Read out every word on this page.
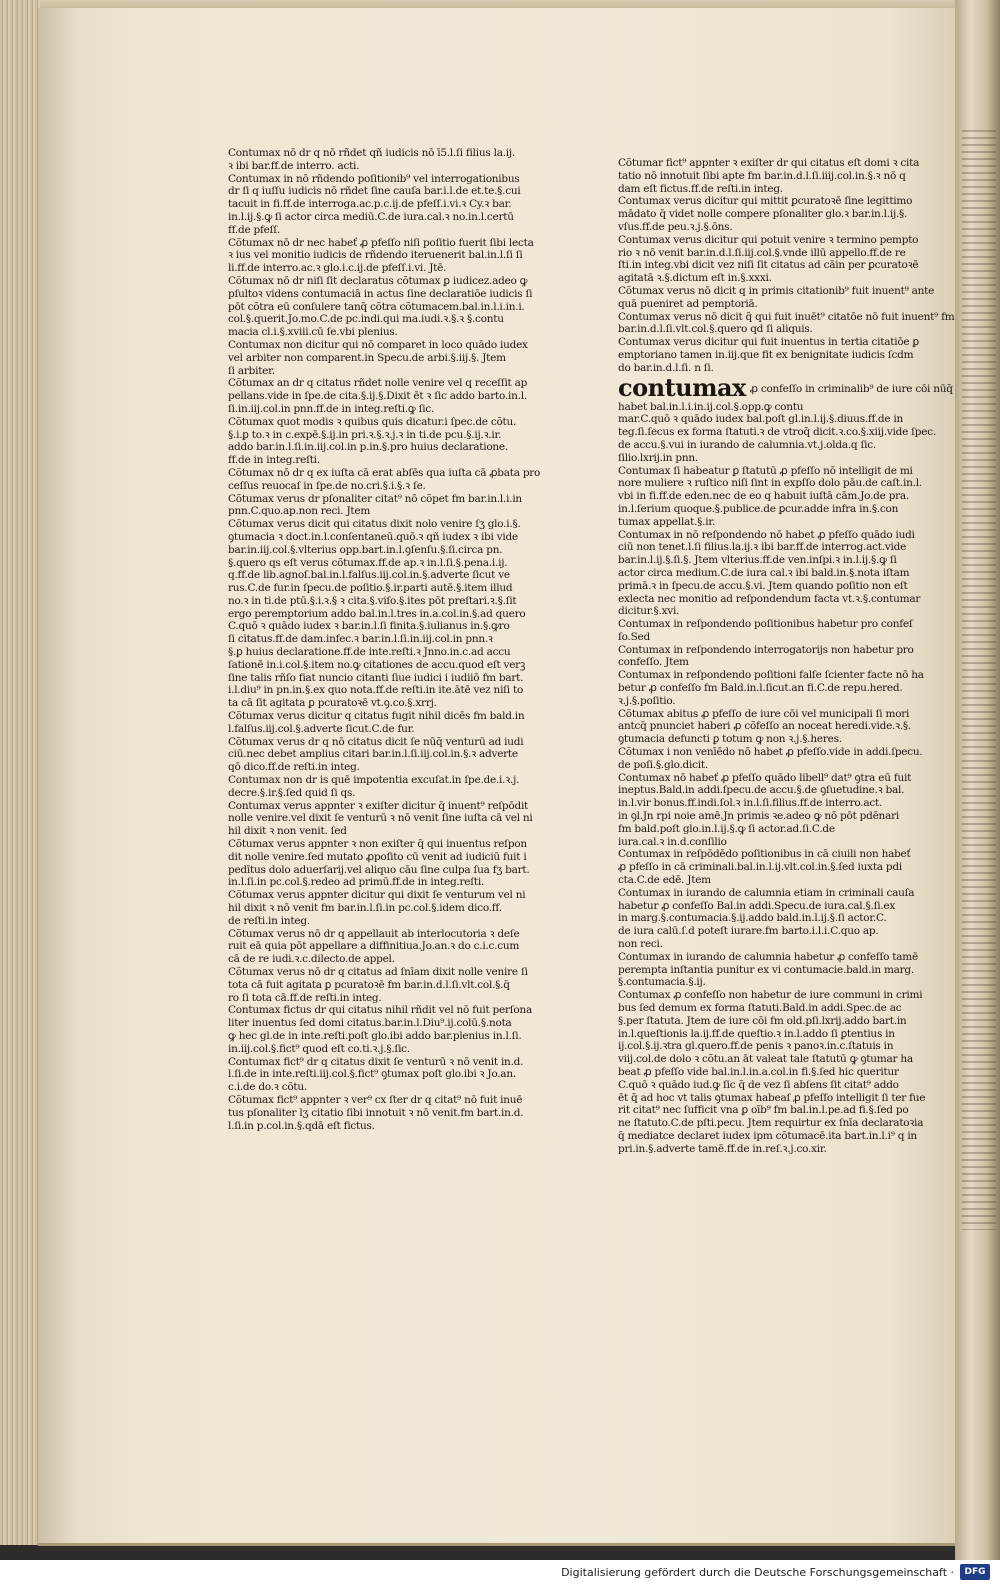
Contumax nō dr q nō rñdet qñ iudicis nō ī5.l.ſi filius la.ij.
ꝛ ibi bar.ff.de interro. acti.
Contumax in nō rñdendo poſitionib⁹ vel interrogationibus
dr ſi q iuſſu iudicis nō rñdet ſine cauſa bar.i.l.de et.te.§.cui
tacuit in fi.ff.de interroga.ac.p.c.ij.de pfeſſ.i.vi.ꝛ Cy.ꝛ bar.
in.l.ij.§.ꝙ ſi actor circa mediū.C.de iura.cal.ꝛ no.in.l.certū
ff.de pfeſſ.
Cõtumax nō dr nec habeť ꝓ pfeſſo niſi poſitio fuerit ſibi lecta
ꝛ ius vel monitio iudicis de rñdendo iteruenerit bal.in.l.ſi ſi
li.ff.de interro.ac.ꝛ glo.i.c.ij.de pfeſſ.i.vi. Jtē.
Cõtumax nō dr niſi ſit declaratus cõtumax ꝑ iudicez.adeo ꝙ
pſultoꝛ videns contumaciā in actus ſine declaratiōe iudicis ſi
pōt cõtra eū conſulere tanq̄ cõtra cõtumacem.bal.in.l.i.in.i.
col.§.querit.Jo.mo.C.de pc.indi.qui ma.iudi.ꝛ.§.ꝛ §.contu
macia cl.i.§.xviii.cū ſe.vbi plenius.
Contumax non dicitur qui nō comparet in loco quādo iudex
vel arbiter non comparent.in Specu.de arbi.§.iij.§. Jtem
ſi arbiter.
Cõtumax an dr q citatus rñdet nolle venire vel q receſſit ap
pellans.vide in ſpe.de cita.§.ij.§.Dixit ēt ꝛ ſic addo barto.in.l.
ſi.in.iij.col.in pnn.ff.de in integ.reſti.ꝙ ſic.
Cõtumax quot modis ꝛ quibus quis dicatur.i ſpec.de cõtu.
§.i.ꝑ to.ꝛ in c.expē.§.ij.in pri.ꝛ.§.ꝛ.j.ꝛ in ti.de pcu.§.ij.ꝛ.ir.
addo bar.in.l.ſi.in.iij.col.in p.in.§.pro huius declaratione.
ff.de in integ.reſti.
Cõtumax nō dr q ex iuſta cā erat abſēs qua iuſta cā ꝓbata pro
ceſſus reuocaſ in ſpe.de no.cri.§.i.§.ꝛ ſe.
Cõtumax verus dr pſonaliter citat⁹ nō cõpet fm bar.in.l.i.in
pnn.C.quo.ap.non reci. Jtem
Cõtumax verus dicit qui citatus dixit nolo venire ſʒ glo.i.§.
ꝯtumacia ꝛ doct.in.l.conſentaneū.quō.ꝛ qñ iudex ꝛ ibi vide
bar.in.iij.col.§.vlterius opp.bart.in.l.ꝯſenſu.§.ſi.circa pn.
§.quero qs eſt verus cõtumax.ff.de ap.ꝛ in.l.ſi.§.pena.i.ij.
q.ff.de lib.agnoſ.bal.in.l.falſus.iij.col.in.§.adverte ſicut ve
rus.C.de fur.in ſpecu.de poſitio.§.ir.parti autē.§.item illud
no.ꝛ in ti.de ptū.§.i.ꝛ.§ ꝛ cita.§.viſo.§.ites pōt preſtari.ꝛ.§.ſit
ergo peremptorium addo bal.in.l.tres in.a.col.in.§.ad quero
C.quō ꝛ quādo iudex ꝛ bar.in.l.ſi finita.§.iulianus in.§.ꝙro
ſi citatus.ff.de dam.infec.ꝛ bar.in.l.ſi.in.iij.col.in pnn.ꝛ
§.ꝑ huius declaratione.ff.de inte.reſti.ꝛ Jnno.in.c.ad accu
ſationē in.i.col.§.item no.ꝙ citationes de accu.quod eſt verꝫ
ſine talis rñſo fiat nuncio citanti ſiue iudici i iudiiō fm bart.
i.l.diu⁹ in pn.in.§.ex quo nota.ff.de reſti.in ite.ātē vez niſi to
ta cā ſit agitata ꝑ pcuratoꝛē vt.ꝯ.co.§.xrrj.
Cõtumax verus dicitur q citatus fugit nihil dicēs fm bald.in
l.falſus.iij.col.§.adverte ſicut.C.de fur.
Cõtumax verus dr q nō citatus dicit ſe nūq̄ venturū ad iudi
ciū.nec debet amplius citari bar.in.l.ſi.iij.col.in.§.ꝛ adverte
qō dico.ff.de reſti.in integ.
Contumax non dr is quē impotentia excuſat.in ſpe.de.i.ꝛ.j.
decre.§.ir.§.ſed quid ſi qs.
Contumax verus appnter ꝛ exiſter dicitur q̄ inuent⁹ reſpōdit
nolle venire.vel dixit ſe venturū ꝛ nō venit ſine iuſta cā vel ni
hil dixit ꝛ non venit. ſed
Cõtumax verus appnter ꝛ non exiſter q̄ qui inuentus reſpon
dit nolle venire.ſed mutato ꝓpoſito cū venit ad iudiciū fuit i
pedītus dolo aduerſarij.vel aliquo cāu ſine culpa ſua fʒ bart.
in.l.ſi.in pc.col.§.redeo ad primū.ff.de in integ.reſti.
Cõtumax verus appnter dicitur qui dixit ſe venturum vel ni
hil dixit ꝛ nō venit fm bar.in.l.ſi.in pc.col.§.idem dico.ff.
de reſti.in integ.
Cõtumax verus nō dr q appellauit ab interlocutoria ꝛ deſe
ruit eā quia pōt appellare a diffinitiua.Jo.an.ꝛ do c.i.c.cum
cā de re iudi.ꝛ.c.dilecto.de appel.
Cõtumax verus nō dr q citatus ad ſnīam dixit nolle venire ſi
tota cā fuit agitata ꝑ pcuratoꝛē fm bar.in.d.l.ſi.vlt.col.§.q̄
ro ſi tota cā.ff.de reſti.in integ.
Contumax fictus dr qui citatus nihil rñdit vel nō fuit perſona
liter inuentus ſed domi citatus.bar.in.l.Diu⁹.ij.colū.§.nota
ꝙ hec gl.de in inte.reſti.poſt glo.ibi addo bar.plenius in.l.ſi.
in.iij.col.§.fict⁹ quod eſt co.ti.ꝛ.j.§.ſic.
Contumax fict⁹ dr q citatus dixit ſe venturū ꝛ nō venit in.d.
l.ſi.de in inte.reſti.iij.col.§.fict⁹ ꝯtumax poſt glo.ibi ꝛ Jo.an.
c.i.de do.ꝛ cõtu.
Cõtumax fict⁹ appnter ꝛ ver⁹ cx ſter dr q citat⁹ nō fuit inuē
tus pſonaliter lʒ citatio ſibi innotuit ꝛ nō venit.fm bart.in.d.
l.ſi.in p.col.in.§.qdā eſt fictus.
Cõtumar fict⁹ appnter ꝛ exiſter dr qui citatus eſt domi ꝛ cita
tatio nō innotuit ſibi apte fm bar.in.d.l.ſi.iiij.col.in.§.ꝛ nō q
dam eſt fictus.ff.de reſti.in integ.
Contumax verus dicitur qui mittit ꝑcuratoꝛē ſine legittimo
mādato q̄ videt nolle compere pſonaliter glo.ꝛ bar.in.l.ij.§.
vſus.ff.de peu.ꝛ.j.§.ōns.
Contumax verus dicitur qui potuit venire ꝛ termino pempto
rio ꝛ nō venit bar.in.d.l.ſi.iij.col.§.vnde illū appello.ff.de re
ſti.in integ.vbi dicit vez niſi ſit citatus ad cāin per ꝑcuratoꝛē
agitatā ꝛ.§.dictum eſt in.§.xxxi.
Cõtumax verus nō dicit q in primis citationib⁹ fuit inuent⁹ ante
quā pueniret ad pemptoriā.
Contumax verus nō dicit q̄ qui fuit inuēt⁹ citatōe nō fuit inuent⁹ fm
bar.in.d.l.ſi.vlt.col.§.quero qd ſi aliquis.
Contumax verus dicitur qui fuit inuentus in tertia citatiōe ꝑ
emptoriano tamen in.iij.que fit ex benignitate iudicis ſcdm
do bar.in.d.l.ſi. n ſi.
contumax ꝓ confeſſo in criminalib⁹ de iure cōi nūq̄
habet bal.in.l.i.in.ij.col.§.opp.ꝙ contu
mar.C.quō ꝛ quādo iudex bal.poſt gl.in.l.ij.§.diuus.ff.de in
teg.ſi.ſecus ex forma ſtatuti.ꝛ de vtroq̄ dicit.ꝛ.co.§.xiij.vide ſpec.
de accu.§.vui in iurando de calumnia.vt.j.olda.q ſic.
ſilio.lxrij.in pnn.
Contumax ſi habeatur ꝑ ſtatutū ꝓ pfeſſo nō intelligit de mi
nore muliere ꝛ ruſtico niſi ſint in expſſo dolo pāu.de caſt.in.l.
vbi in fi.ff.de eden.nec de eo q habuit iuſtā cām.Jo.de pra.
in.l.ſerium quoque.§.publice.de ꝑcur.adde infra in.§.con
tumax appellat.§.ir.
Contumax in nō reſpondendo nō habet ꝓ pfeſſo quādo iudi
ciū non tenet.l.ſi filius.la.ij.ꝛ ibi bar.ff.de interrog.act.vide
bar.in.l.ij.§.ſi.§. Jtem vlterius.ff.de ven.inſpi.ꝛ in.l.ij.§.ꝙ ſi
actor circa medium.C.de iura cal.ꝛ ibi bald.in.§.nota iſtam
primā.ꝛ in ſpecu.de accu.§.vi. Jtem quando poſitio non eſt
exlecta nec monitio ad reſpondendum facta vt.ꝛ.§.contumar
dicitur.§.xvi.
Contumax in reſpondendo poſitionibus habetur pro confeſ
ſo.Sed
Contumax in reſpondendo interrogatorijs non habetur pro
confeſſo. Jtem
Contumax in reſpondendo poſitioni falſe ſcienter facte nō ha
betur ꝓ confeſſo fm Bald.in.l.ſicut.an fi.C.de repu.hered.
ꝛ.j.§.poſitio.
Cõtumax abitus ꝓ pfeſſo de iure cōi vel municipali ſi mori
antcq̄ pnunciet haberi ꝓ cõfeſſo an noceat heredi.vide.ꝛ.§.
ꝯtumacia defuncti ꝑ totum ꝙ non ꝛ.j.§.heres.
Cõtumax i non venīēdo nō habet ꝓ pfeſſo.vide in addi.ſpecu.
de poſi.§.glo.dicit.
Contumax nō habeť ꝓ pfeſſo quādo libell⁹ dat⁹ ꝯtra eū fuit
ineptus.Bald.in addi.ſpecu.de accu.§.de ꝯſuetudine.ꝛ bal.
in.l.vir bonus.ff.indi.ſol.ꝛ in.l.ſi.filius.ff.de interro.act.
in ꝯl.Jn rpi noie amē.Jn primis ꝛe.adeo ꝙ nō pōt pdēnari
fm bald.poſt glo.in.l.ij.§.ꝙ ſi actor.ad.ſi.C.de
iura.cal.ꝛ in.d.conſilio
Contumax in reſpōdēdo poſitionibus in cā ciuili non habeť
ꝓ pfeſſo in cā criminali.bal.in.l.ij.vlt.col.in.§.ſed iuxta pdi
cta.C.de edē. Jtem
Contumax in iurando de calumnia etiam in criminali cauſa
habetur ꝓ confeſſo Bal.in addi.Specu.de iura.cal.§.ſi.ex
in marg.§.contumacia.§.ij.addo bald.in.l.ij.§.ſi actor.C.
de iura calū.ſ.d poteſt iurare.fm barto.i.l.i.C.quo ap.
non reci.
Contumax in iurando de calumnia habetur ꝓ confeſſo tamē
perempta inſtantia punitur ex vi contumacie.bald.in marg.
§.contumacia.§.ij.
Contumax ꝓ confeſſo non habetur de iure communi in crimi
bus ſed demum ex forma ſtatuti.Bald.in addi.Spec.de ac
§.per ſtatuta. Jtem de iure cōi fm old.pſi.lxrij.addo bart.in
in.l.queſtionis la.ij.ff.de queſtio.ꝛ in.l.addo ſi ꝑtentius in
ij.col.§.ij.ꝛtra gl.quero.ff.de penis ꝛ panoꝛ.in.c.ſtatuis in
viij.col.de dolo ꝛ cõtu.an āt valeat tale ſtatutū ꝙ ꝯtumar ha
beat ꝓ pfeſſo vide bal.in.l.in.a.col.in fi.§.ſed hic queritur
C.quō ꝛ quādo iud.ꝙ ſic q̄ de vez ſi abſens ſit citat⁹ addo
ēt q̄ ad hoc vt talis ꝯtumax habeaſ ꝓ pfeſſo intelligit ſi ter fue
rit citat⁹ nec ſufficit vna ꝑ oīb⁹ fm bal.in.l.pe.ad fi.§.ſed po
ne ſtatuto.C.de pſti.pecu. Jtem requirtur ex ſnīa declaratoꝛia
q̄ mediatce declaret iudex ipm cõtumacē.ita bart.in.l.i⁹ q in
pri.in.§.adverte tamē.ff.de in.reſ.ꝛ.j.co.xir.
Digitalisierung gefördert durch die Deutsche Forschungsgemeinschaft ·	DFG
